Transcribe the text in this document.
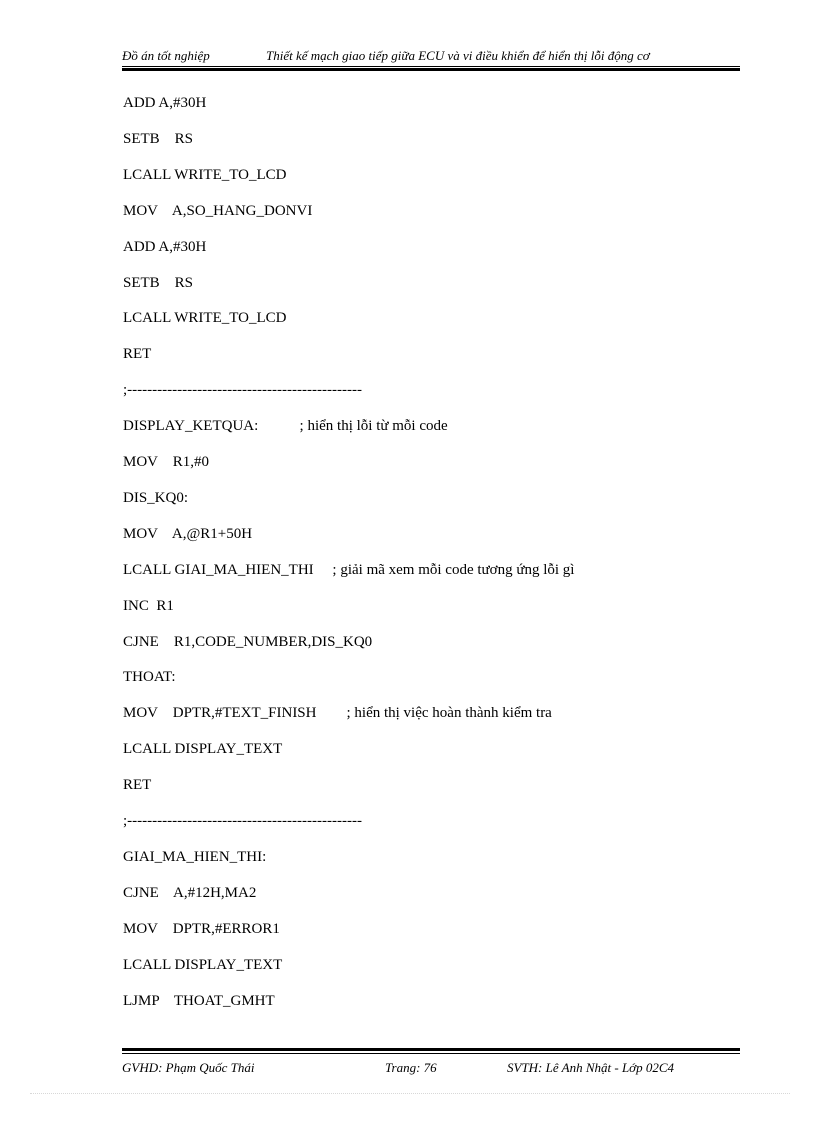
Đồ án tốt nghiệp	Thiết kế mạch giao tiếp giữa ECU và vi điều khiển để hiển thị lỗi động cơ
ADD A,#30H
SETB    RS
LCALL WRITE_TO_LCD
MOV    A,SO_HANG_DONVI
ADD A,#30H
SETB    RS
LCALL WRITE_TO_LCD
RET
;-----------------------------------------------
DISPLAY_KETQUA:           ; hiển thị lỗi từ mỗi code
MOV    R1,#0
DIS_KQ0:
MOV    A,@R1+50H
LCALL GIAI_MA_HIEN_THI     ; giải mã xem mỗi code tương ứng lỗi gì
INC  R1
CJNE    R1,CODE_NUMBER,DIS_KQ0
THOAT:
MOV    DPTR,#TEXT_FINISH        ; hiển thị việc hoàn thành kiểm tra
LCALL DISPLAY_TEXT
RET
;-----------------------------------------------
GIAI_MA_HIEN_THI:
CJNE    A,#12H,MA2
MOV    DPTR,#ERROR1
LCALL DISPLAY_TEXT
LJMP    THOAT_GMHT
GVHD: Phạm Quốc Thái	Trang: 76	SVTH: Lê Anh Nhật - Lớp 02C4
